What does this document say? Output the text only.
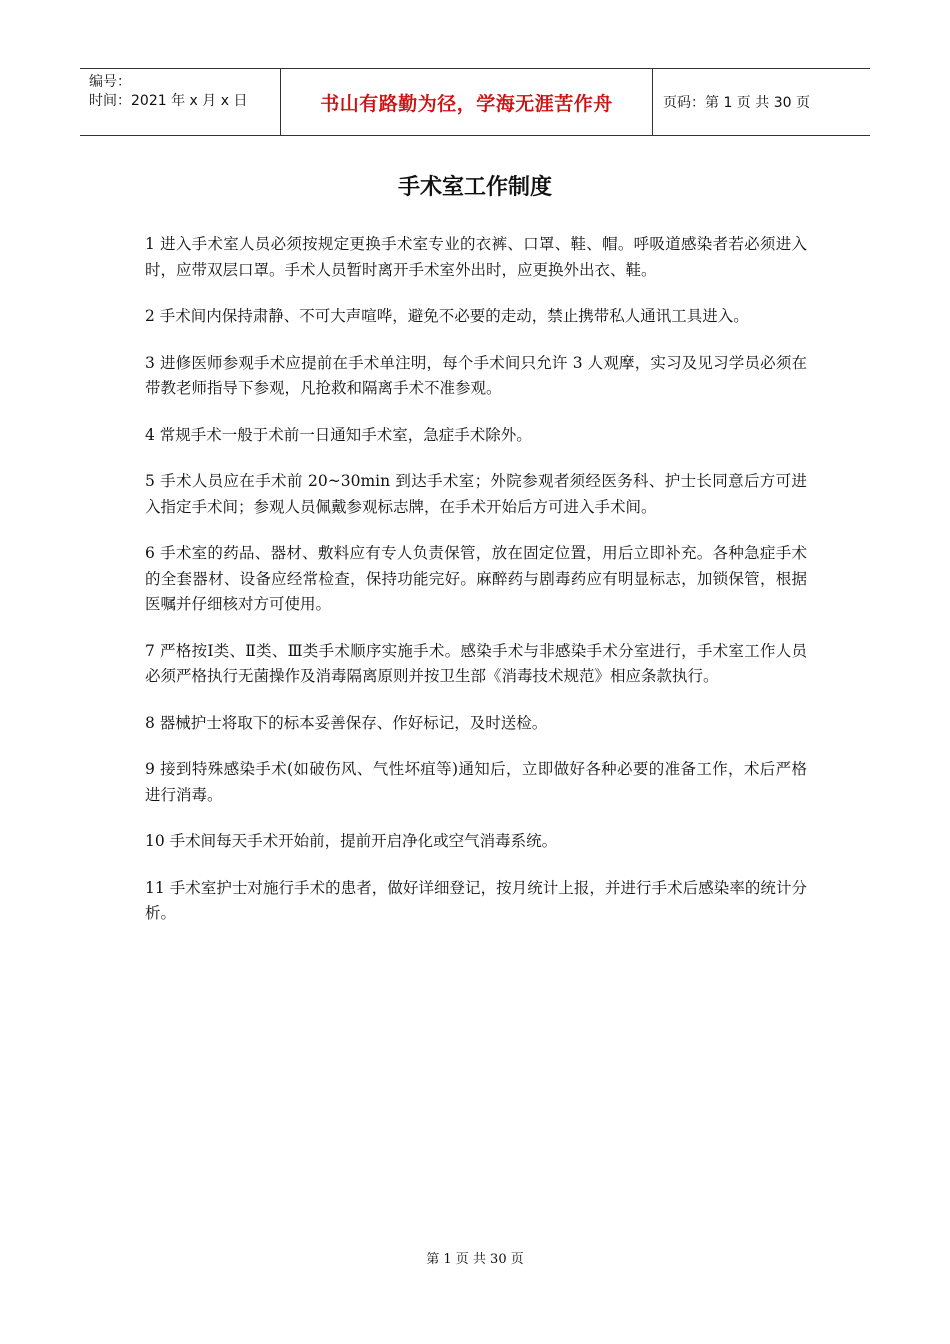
编号：
时间：2021 年 x 月 x 日	书山有路勤为径，学海无涯苦作舟	页码：第 1 页 共 30 页
手术室工作制度

1 进入手术室人员必须按规定更换手术室专业的衣裤、口罩、鞋、帽。呼吸道感染者若必须进入时，应带双层口罩。手术人员暂时离开手术室外出时，应更换外出衣、鞋。

2 手术间内保持肃静、不可大声喧哗，避免不必要的走动，禁止携带私人通讯工具进入。

3 进修医师参观手术应提前在手术单注明，每个手术间只允许 3 人观摩，实习及见习学员必须在带教老师指导下参观，凡抢救和隔离手术不准参观。

4 常规手术一般于术前一日通知手术室，急症手术除外。

5 手术人员应在手术前 20~30min 到达手术室；外院参观者须经医务科、护士长同意后方可进入指定手术间；参观人员佩戴参观标志牌，在手术开始后方可进入手术间。

6 手术室的药品、器材、敷料应有专人负责保管，放在固定位置，用后立即补充。各种急症手术的全套器材、设备应经常检查，保持功能完好。麻醉药与剧毒药应有明显标志，加锁保管，根据医嘱并仔细核对方可使用。

7 严格按Ⅰ类、Ⅱ类、Ⅲ类手术顺序实施手术。感染手术与非感染手术分室进行，手术室工作人员必须严格执行无菌操作及消毒隔离原则并按卫生部《消毒技术规范》相应条款执行。

8 器械护士将取下的标本妥善保存、作好标记，及时送检。

9 接到特殊感染手术(如破伤风、气性坏疽等)通知后，立即做好各种必要的准备工作，术后严格进行消毒。

10 手术间每天手术开始前，提前开启净化或空气消毒系统。

11 手术室护士对施行手术的患者，做好详细登记，按月统计上报，并进行手术后感染率的统计分析。

第 1 页 共 30 页
